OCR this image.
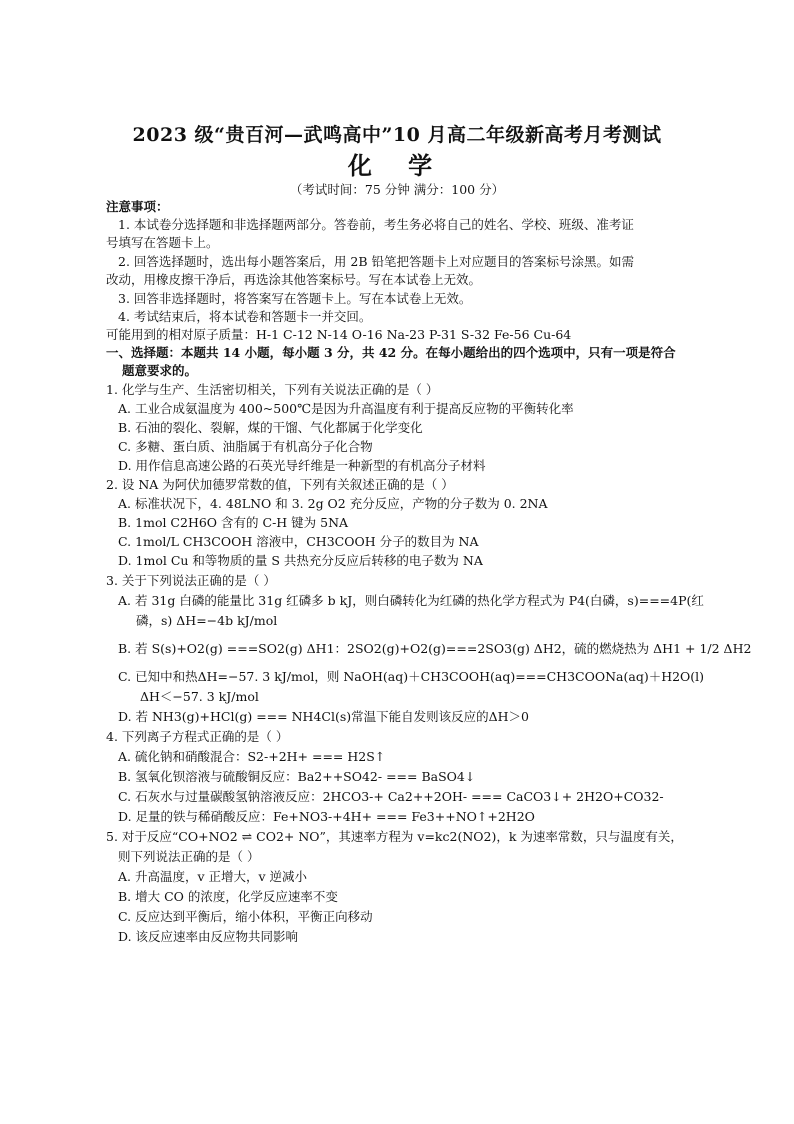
2023 级“贵百河—武鸣高中”10 月高二年级新高考月考测试
化 学
（考试时间：75 分钟 满分：100 分）
注意事项：
1. 本试卷分选择题和非选择题两部分。答卷前，考生务必将自己的姓名、学校、班级、准考证
号填写在答题卡上。
2. 回答选择题时，选出每小题答案后，用 2B 铅笔把答题卡上对应题目的答案标号涂黑。如需
改动，用橡皮擦干净后，再选涂其他答案标号。写在本试卷上无效。
3. 回答非选择题时，将答案写在答题卡上。写在本试卷上无效。
4. 考试结束后，将本试卷和答题卡一并交回。
可能用到的相对原子质量：H-1 C-12 N-14 O-16 Na-23 P-31 S-32 Fe-56 Cu-64
一、选择题：本题共 14 小题，每小题 3 分，共 42 分。在每小题给出的四个选项中，只有一项是符合
题意要求的。
1. 化学与生产、生活密切相关，下列有关说法正确的是（ ）
A. 工业合成氨温度为 400~500℃是因为升高温度有利于提高反应物的平衡转化率
B. 石油的裂化、裂解，煤的干馏、气化都属于化学变化
C. 多糖、蛋白质、油脂属于有机高分子化合物
D. 用作信息高速公路的石英光导纤维是一种新型的有机高分子材料
2. 设 NA 为阿伏加德罗常数的值，下列有关叙述正确的是（ ）
A. 标准状况下，4. 48LNO 和 3. 2g O2 充分反应，产物的分子数为 0. 2NA
B. 1mol C2H6O 含有的 C-H 键为 5NA
C. 1mol/L CH3COOH 溶液中，CH3COOH 分子的数目为 NA
D. 1mol Cu 和等物质的量 S 共热充分反应后转移的电子数为 NA
3. 关于下列说法正确的是（ ）
A. 若 31g 白磷的能量比 31g 红磷多 b kJ，则白磷转化为红磷的热化学方程式为 P4(白磷，s)===4P(红
磷，s) ΔH=−4b kJ/mol
B. 若 S(s)+O2(g) ===SO2(g) ΔH1：2SO2(g)+O2(g)===2SO3(g) ΔH2，硫的燃烧热为 ΔH1 + 1/2 ΔH2
C. 已知中和热ΔH=−57. 3 kJ/mol，则 NaOH(aq)＋CH3COOH(aq)===CH3COONa(aq)＋H2O(l)
ΔH＜−57. 3 kJ/mol
D. 若 NH3(g)+HCl(g) === NH4Cl(s)常温下能自发则该反应的ΔH＞0
4. 下列离子方程式正确的是（ ）
A. 硫化钠和硝酸混合：S2-+2H+ === H2S↑
B. 氢氧化钡溶液与硫酸铜反应：Ba2++SO42- === BaSO4↓
C. 石灰水与过量碳酸氢钠溶液反应：2HCO3-+ Ca2++2OH- === CaCO3↓+ 2H2O+CO32-
D. 足量的铁与稀硝酸反应：Fe+NO3-+4H+ === Fe3++NO↑+2H2O
5. 对于反应“CO+NO2 ⇌ CO2+ NO”，其速率方程为 v=kc2(NO2)，k 为速率常数，只与温度有关，
则下列说法正确的是（ ）
A. 升高温度，v 正增大，v 逆减小
B. 增大 CO 的浓度，化学反应速率不变
C. 反应达到平衡后，缩小体积，平衡正向移动
D. 该反应速率由反应物共同影响
